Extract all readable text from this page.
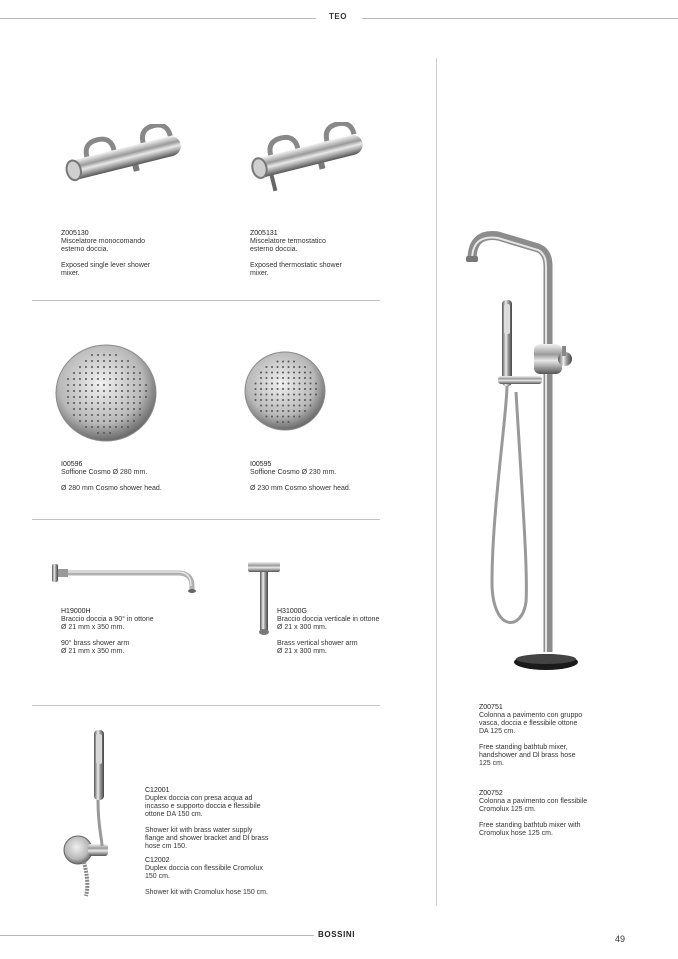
TEO
Z005130
Miscelatore monocomando
esterno doccia.
Exposed single lever shower
mixer.
Z005131
Miscelatore termostatico
esterno doccia.
Exposed thermostatic shower
mixer.
I00596
Soffione Cosmo Ø 280 mm.
Ø 280 mm Cosmo shower head.
I00595
Soffione Cosmo Ø 230 mm.
Ø 230 mm Cosmo shower head.
H19000H
Braccio doccia a 90° in ottone
Ø 21 mm x 350 mm.
90° brass shower arm
Ø 21 mm x 350 mm.
H31000G
Braccio doccia verticale in ottone
Ø 21 x 300 mm.
Brass vertical shower arm
Ø 21 x 300 mm.
C12001
Duplex doccia con presa acqua ad
incasso e supporto doccia e flessibile
ottone DA 150 cm.
Shower kit with brass water supply
flange and shower bracket and Dl brass
hose cm 150.
C12002
Duplex doccia con flessibile Cromolux
150 cm.
Shower kit with Cromolux hose 150 cm.
Z00751
Colonna a pavimento con gruppo
vasca, doccia e flessibile ottone
DA 125 cm.
Free standing bathtub mixer,
handshower and Dl brass hose
125 cm.
Z00752
Colonna a pavimento con flessibile
Cromolux 125 cm.
Free standing bathtub mixer with
Cromolux hose 125 cm.
BOSSINI	49
